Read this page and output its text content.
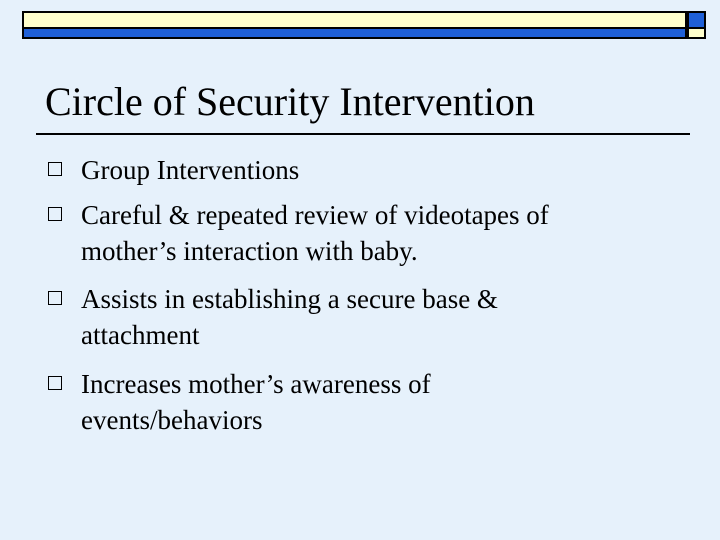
Circle of Security Intervention
Group Interventions
Careful & repeated review of videotapes of
mother’s interaction with baby.
Assists in establishing a secure base &
attachment
Increases mother’s awareness of
events/behaviors
